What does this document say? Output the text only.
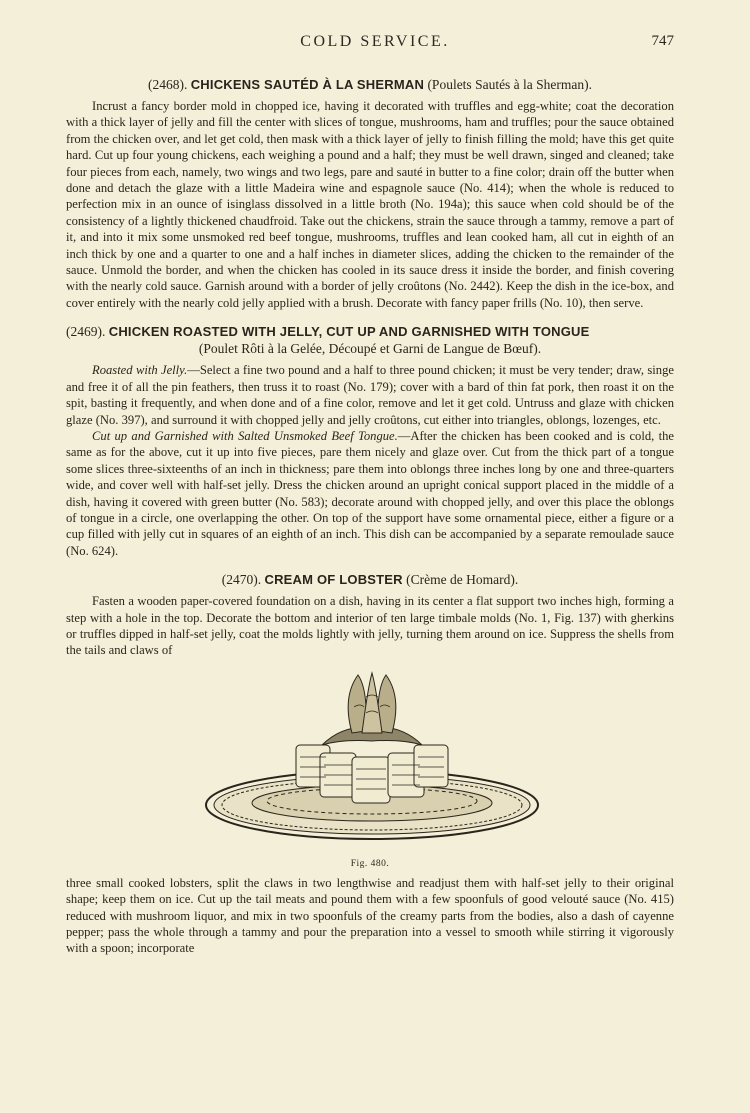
COLD SERVICE.	747
(2468). CHICKENS SAUTÉD À LA SHERMAN (Poulets Sautés à la Sherman).

Incrust a fancy border mold in chopped ice, having it decorated with truffles and egg-white; coat the decoration with a thick layer of jelly and fill the center with slices of tongue, mushrooms, ham and truffles; pour the sauce obtained from the chicken over, and let get cold, then mask with a thick layer of jelly to finish filling the mold; have this get quite hard. Cut up four young chickens, each weighing a pound and a half; they must be well drawn, singed and cleaned; take four pieces from each, namely, two wings and two legs, pare and sauté in butter to a fine color; drain off the butter when done and detach the glaze with a little Madeira wine and espagnole sauce (No. 414); when the whole is reduced to perfection mix in an ounce of isinglass dissolved in a little broth (No. 194a); this sauce when cold should be of the consistency of a lightly thickened chaudfroid. Take out the chickens, strain the sauce through a tammy, remove a part of it, and into it mix some unsmoked red beef tongue, mushrooms, truffles and lean cooked ham, all cut in eighth of an inch thick by one and a quarter to one and a half inches in diameter slices, adding the chicken to the remainder of the sauce. Unmold the border, and when the chicken has cooled in its sauce dress it inside the border, and finish covering with the nearly cold sauce. Garnish around with a border of jelly croûtons (No. 2442). Keep the dish in the ice-box, and cover entirely with the nearly cold jelly applied with a brush. Decorate with fancy paper frills (No. 10), then serve.

(2469). CHICKEN ROASTED WITH JELLY, CUT UP AND GARNISHED WITH TONGUE
(Poulet Rôti à la Gelée, Découpé et Garni de Langue de Bœuf).

Roasted with Jelly.—Select a fine two pound and a half to three pound chicken; it must be very tender; draw, singe and free it of all the pin feathers, then truss it to roast (No. 179); cover with a bard of thin fat pork, then roast it on the spit, basting it frequently, and when done and of a fine color, remove and let it get cold. Untruss and glaze with chicken glaze (No. 397), and surround it with chopped jelly and jelly croûtons, cut either into triangles, oblongs, lozenges, etc.

Cut up and Garnished with Salted Unsmoked Beef Tongue.—After the chicken has been cooked and is cold, the same as for the above, cut it up into five pieces, pare them nicely and glaze over. Cut from the thick part of a tongue some slices three-sixteenths of an inch in thickness; pare them into oblongs three inches long by one and three-quarters wide, and cover well with half-set jelly. Dress the chicken around an upright conical support placed in the middle of a dish, having it covered with green butter (No. 583); decorate around with chopped jelly, and over this place the oblongs of tongue in a circle, one overlapping the other. On top of the support have some ornamental piece, either a figure or a cup filled with jelly cut in squares of an eighth of an inch. This dish can be accompanied by a separate remoulade sauce (No. 624).

(2470). CREAM OF LOBSTER (Crème de Homard).

Fasten a wooden paper-covered foundation on a dish, having in its center a flat support two inches high, forming a step with a hole in the top. Decorate the bottom and interior of ten large timbale molds (No. 1, Fig. 137) with gherkins or truffles dipped in half-set jelly, coat the molds lightly with jelly, turning them around on ice. Suppress the shells from the tails and claws of

Fig. 480.

three small cooked lobsters, split the claws in two lengthwise and readjust them with half-set jelly to their original shape; keep them on ice. Cut up the tail meats and pound them with a few spoonfuls of good velouté sauce (No. 415) reduced with mushroom liquor, and mix in two spoonfuls of the creamy parts from the bodies, also a dash of cayenne pepper; pass the whole through a tammy and pour the preparation into a vessel to smooth while stirring it vigorously with a spoon; incorporate
